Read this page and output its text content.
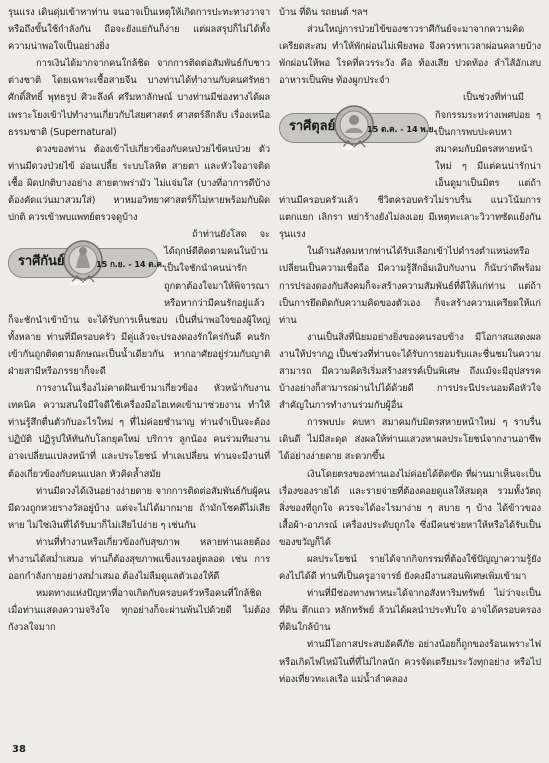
รุนแรง เดินดุ่มเข้าหาท่าน จนอาจเป็นเหตุให้เกิดการปะทะทางวาจาหรือถึงขั้นใช้กำลังกัน ถือจะยังแย่กันก็ง่าย แต่ผลสรุปก็ไม่ได้ทั้งความน่าพอใจเป็นอย่างยิ่ง

การเงินได้มากจากคนใกล้ชิด จากการติดต่อสัมพันธ์กับชาวต่างชาติ โดยเฉพาะเชื้อสายจีน บางท่านได้ทำงานกับคนศรัทธาศักดิ์สิทธิ์ พุทธรูป ศิวะลึงค์ ศรีมหาลักษณ์ บางท่านมีช่องทางได้ผลเพราะโยงเข้าไปทำงานเกี่ยวกับไสยศาสตร์ ศาสตร์ลึกลับ เรื่องเหนือธรรมชาติ (Supernatural)

ดวงของท่าน ต้องเข้าไปเกี่ยวข้องกับคนป่วยไข้คนป่วย ตัวท่านมีดวงป่วยไข้ อ่อนเปลี้ย ระบบโลหิต สายตา และหัวใจอาจติดเชื้อ ผิดปกติบางอย่าง สายตาพร่ามัว ไม่แจ่มใส (บางที่อาการดีบ้างต้องคัดแว่นมาสวมใส่) หาหมอวิทยาศาสตร์ก็ไม่หายพร้อมกับผิดปกติ ควรเข้าพบแพทย์ตรวจดูบ้าง

ราศีกันย์	15 ก.ย. - 14 ต.ค.
VIRGO

ถ้าท่านยังโสด จะได้ฤกษ์ดีติดตามคนในบ้านเป็นใจชักนำคนน่ารัก ถูกตาต้องใจมาให้พิจารณา หรือหากว่ามีคนรักอยู่แล้วก็จะชักนำเข้าบ้าน จะได้รับการเห็นชอบ เป็นที่น่าพอใจของผู้ใหญ่ทั้งหลาย ท่านที่มีครอบครัว มีคู่แล้วจะปรองดองรักใคร่กันดี คนรักเข้ากันถูกติดตามลักษณะเป็นน้ำเดียวกัน หากอาศัยอยู่ร่วมกับญาติฝ่ายสามีหรือภรรยาก็จะดี

การงานในเรื่องไม่คาดฝันเข้ามาเกี่ยวข้อง หัวหน้ากับงานเทคนิค ความสนใจมีใจดีใช้เครื่องมือไฮเทคเข้ามาช่วยงาน ทำให้ท่านรู้สึกตื่นตัวกับอะไรใหม่ ๆ ที่ไม่ค่อยชำนาญ ท่านจำเป็นจะต้องปฏิบัติ ปฏิรูปให้ทันกับโลกยุคใหม่ บริการ ลูกน้อง คนร่วมทีมงานอาจเปลี่ยนแปลงหน้าที่ และประโยชน์ ทำเลเปลี่ยน ท่านจะมีงานที่ต้องเกี่ยวข้องกับคนแปลก หัวคิดล้ำสมัย

ท่านมีดวงได้เงินอย่างง่ายดาย จากการติดต่อสัมพันธ์กับผู้คนมีดวงถูกหวยรางวัลอยู่บ้าง แต่จะไม่ได้มากมาย ถ้ามักโชคดีไม่เสียหาย ไม่ใช่เงินที่ได้รับมาก็ไม่เสียไปง่าย ๆ เช่นกัน

ท่านที่ทำงานหรือเกี่ยวข้องกับสุขภาพ หลายท่านเลยต้องทำงานได้สม่ำเสมอ ท่านก็ต้องสุขภาพแข็งแรงอยู่ตลอด เช่น การออกกำลังกายอย่างสม่ำเสมอ ต้องไม่ลืมดูแลตัวเองให้ดี

หมดทางแห่งปัญหาที่อาจเกิดกับครอบครัวหรือคนที่ใกล้ชิด เมื่อท่านแสดงความจริงใจ ทุกอย่างก็จะผ่านพ้นไปด้วยดี ไม่ต้องกังวลใจมาก

บ้าน ที่ดิน รถยนต์ ฯลฯ

ส่วนใหญ่การป่วยไข้ของชาวราศีกันย์จะมาจากความคิดเครียดสะสม ทำให้พักผ่อนไม่เพียงพอ จึงควรหาเวลาผ่อนคลายบ้าง พักผ่อนให้พอ โรคที่ควรระวัง คือ ท้องเสีย ปวดท้อง ลำไส้อักเสบ อาหารเป็นพิษ ท้องผูกประจำ

ราศีตุลย์	15 ต.ค. - 14 พ.ย.
LIBRA

เป็นช่วงที่ท่านมีกิจกรรมระหว่างเพศบ่อย ๆ เป็นการพบปะคบหาสมาคมกับมิตรสหายหน้าใหม่ ๆ มีแต่คนน่ารักน่าเอ็นดูมาเป็นมิตร แต่ถ้าท่านมีครอบครัวแล้ว ชีวิตครอบครัวไม่ราบรื่น แนวโน้มการแตกแยก เลิกรา หย่าร้างยังไม่ลงเอย มีเหตุทะเลาะวิวาทซัดแย้งกันรุนแรง

ในด้านสังคมหากท่านได้รับเลือกเข้าไปดำรงตำแหน่งหรือเปลี่ยนเป็นความเชื่อถือ มีความรู้สึกอิ่มเอิบกับงาน ก็นับว่าดีพร้อม การปรองดองกับสังคมก็จะสร้างความสัมพันธ์ที่ดีให้แก่ท่าน แต่ถ้าเป็นการยึดติดกับความคิดของตัวเอง ก็จะสร้างความเครียดให้แก่ท่าน

งานเป็นสิ่งที่นิยมอย่างยิ่งของคนรอบข้าง มีโอกาสแสดงผลงานให้ปรากฏ เป็นช่วงที่ท่านจะได้รับการยอมรับและชื่นชมในความสามารถ มีความคิดริเริ่มสร้างสรรค์เป็นพิเศษ ถึงแม้จะมีอุปสรรคบ้างอย่างก็สามารถผ่านไปได้ด้วยดี การประนีประนอมคือหัวใจสำคัญในการทำงานร่วมกับผู้อื่น

การพบปะ คบหา สมาคมกับมิตรสหายหน้าใหม่ ๆ ราบรื่น เดินดี ไม่มีสะดุด ส่งผลให้ท่านแสวงหาผลประโยชน์จากงานอาชีพได้อย่างง่ายดาย สะดวกขึ้น

เงินโดยตรงของท่านเองไม่ค่อยได้ติดขัด ที่ผ่านมาเห็นจะเป็นเรื่องของรายได้ และรายจ่ายที่ต้องคอยดูแลให้สมดุล รวมทั้งวัตถุสิ่งของที่ถูกใจ ควรจะได้อะไรมาง่าย ๆ สบาย ๆ บ้าง ได้ข้าวของ เสื้อผ้า-อาภรณ์ เครื่องประดับถูกใจ ซึ่งมีคนช่วยหาให้หรือได้รับเป็นของขวัญก็ได้

ผลประโยชน์ รายได้จากกิจกรรมที่ต้องใช้ปัญญาความรู้ยังคงไปได้ดี ท่านที่เป็นครูอาจารย์ ยังคงมีงานสอนพิเศษเพิ่มเข้ามา

ท่านที่มีช่องทางพาหนะได้จากอสังหาริมทรัพย์ ไม่ว่าจะเป็นที่ดิน ตึกแถว หลักทรัพย์ ล้วนได้ผลนำประทับใจ อาจได้ครอบครองที่ดินใกล้บ้าน

ท่านมีโอกาสประสบอัคคีภัย อย่างน้อยก็ถูกของร้อนเพราะไฟ หรือเกิดไฟไหม้ในที่ที่ไม่ไกลนัก ควรจัดเตรียมระวังทุกอย่าง หรือไปท่องเที่ยวทะเลเรือ แม่น้ำลำคลอง

38
